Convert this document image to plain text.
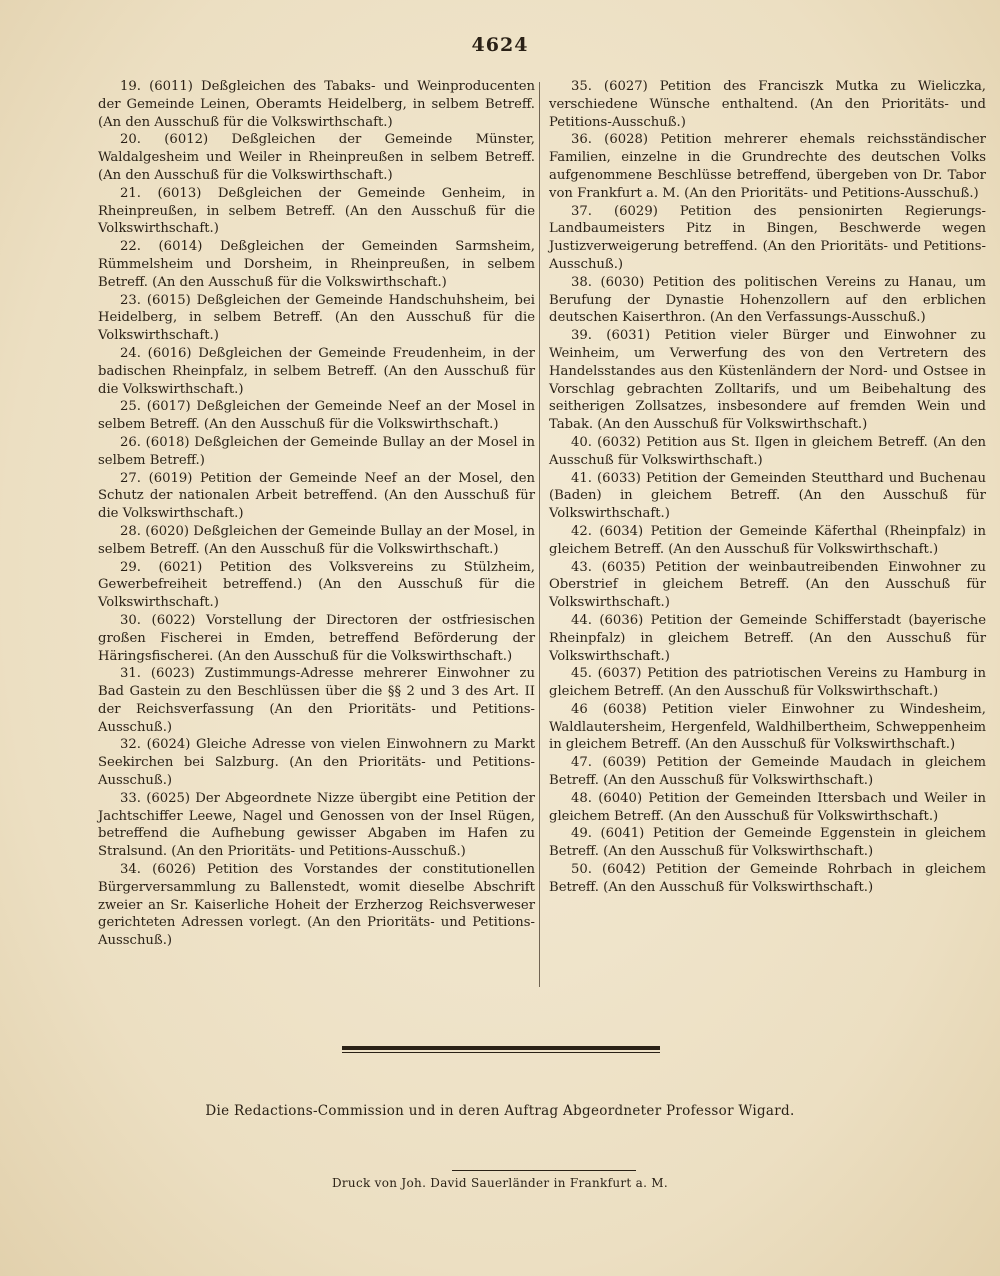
4624

19. (6011) Deßgleichen des Tabaks- und Weinproducenten der Gemeinde Leinen, Oberamts Heidelberg, in selbem Betreff. (An den Ausschuß für die Volkswirthschaft.)

20. (6012) Deßgleichen der Gemeinde Münster, Waldalgesheim und Weiler in Rheinpreußen in selbem Betreff. (An den Ausschuß für die Volkswirthschaft.)

21. (6013) Deßgleichen der Gemeinde Genheim, in Rheinpreußen, in selbem Betreff. (An den Ausschuß für die Volkswirthschaft.)

22. (6014) Deßgleichen der Gemeinden Sarmsheim, Rümmelsheim und Dorsheim, in Rheinpreußen, in selbem Betreff. (An den Ausschuß für die Volkswirthschaft.)

23. (6015) Deßgleichen der Gemeinde Handschuhsheim, bei Heidelberg, in selbem Betreff. (An den Ausschuß für die Volkswirthschaft.)

24. (6016) Deßgleichen der Gemeinde Freudenheim, in der badischen Rheinpfalz, in selbem Betreff. (An den Ausschuß für die Volkswirthschaft.)

25. (6017) Deßgleichen der Gemeinde Neef an der Mosel in selbem Betreff. (An den Ausschuß für die Volkswirthschaft.)

26. (6018) Deßgleichen der Gemeinde Bullay an der Mosel in selbem Betreff.)

27. (6019) Petition der Gemeinde Neef an der Mosel, den Schutz der nationalen Arbeit betreffend. (An den Ausschuß für die Volkswirthschaft.)

28. (6020) Deßgleichen der Gemeinde Bullay an der Mosel, in selbem Betreff. (An den Ausschuß für die Volkswirthschaft.)

29. (6021) Petition des Volksvereins zu Stülzheim, Gewerbefreiheit betreffend.) (An den Ausschuß für die Volkswirthschaft.)

30. (6022) Vorstellung der Directoren der ostfriesischen großen Fischerei in Emden, betreffend Beförderung der Häringsfischerei. (An den Ausschuß für die Volkswirthschaft.)

31. (6023) Zustimmungs-Adresse mehrerer Einwohner zu Bad Gastein zu den Beschlüssen über die §§ 2 und 3 des Art. II der Reichsverfassung (An den Prioritäts- und Petitions-Ausschuß.)

32. (6024) Gleiche Adresse von vielen Einwohnern zu Markt Seekirchen bei Salzburg. (An den Prioritäts- und Petitions-Ausschuß.)

33. (6025) Der Abgeordnete Nizze übergibt eine Petition der Jachtschiffer Leewe, Nagel und Genossen von der Insel Rügen, betreffend die Aufhebung gewisser Abgaben im Hafen zu Stralsund. (An den Prioritäts- und Petitions-Ausschuß.)

34. (6026) Petition des Vorstandes der constitutionellen Bürgerversammlung zu Ballenstedt, womit dieselbe Abschrift zweier an Sr. Kaiserliche Hoheit der Erzherzog Reichsverweser gerichteten Adressen vorlegt. (An den Prioritäts- und Petitions-Ausschuß.)

35. (6027) Petition des Franciszk Mutka zu Wieliczka, verschiedene Wünsche enthaltend. (An den Prioritäts- und Petitions-Ausschuß.)

36. (6028) Petition mehrerer ehemals reichsständischer Familien, einzelne in die Grundrechte des deutschen Volks aufgenommene Beschlüsse betreffend, übergeben von Dr. Tabor von Frankfurt a. M. (An den Prioritäts- und Petitions-Ausschuß.)

37. (6029) Petition des pensionirten Regierungs-Landbaumeisters Pitz in Bingen, Beschwerde wegen Justizverweigerung betreffend. (An den Prioritäts- und Petitions-Ausschuß.)

38. (6030) Petition des politischen Vereins zu Hanau, um Berufung der Dynastie Hohenzollern auf den erblichen deutschen Kaiserthron. (An den Verfassungs-Ausschuß.)

39. (6031) Petition vieler Bürger und Einwohner zu Weinheim, um Verwerfung des von den Vertretern des Handelsstandes aus den Küstenländern der Nord- und Ostsee in Vorschlag gebrachten Zolltarifs, und um Beibehaltung des seitherigen Zollsatzes, insbesondere auf fremden Wein und Tabak. (An den Ausschuß für Volkswirthschaft.)

40. (6032) Petition aus St. Ilgen in gleichem Betreff. (An den Ausschuß für Volkswirthschaft.)

41. (6033) Petition der Gemeinden Steutthard und Buchenau (Baden) in gleichem Betreff. (An den Ausschuß für Volkswirthschaft.)

42. (6034) Petition der Gemeinde Käferthal (Rheinpfalz) in gleichem Betreff. (An den Ausschuß für Volkswirthschaft.)

43. (6035) Petition der weinbautreibenden Einwohner zu Oberstrief in gleichem Betreff. (An den Ausschuß für Volkswirthschaft.)

44. (6036) Petition der Gemeinde Schifferstadt (bayerische Rheinpfalz) in gleichem Betreff. (An den Ausschuß für Volkswirthschaft.)

45. (6037) Petition des patriotischen Vereins zu Hamburg in gleichem Betreff. (An den Ausschuß für Volkswirthschaft.)

46 (6038) Petition vieler Einwohner zu Windesheim, Waldlautersheim, Hergenfeld, Waldhilbertheim, Schweppenheim in gleichem Betreff. (An den Ausschuß für Volkswirthschaft.)

47. (6039) Petition der Gemeinde Maudach in gleichem Betreff. (An den Ausschuß für Volkswirthschaft.)

48. (6040) Petition der Gemeinden Ittersbach und Weiler in gleichem Betreff. (An den Ausschuß für Volkswirthschaft.)

49. (6041) Petition der Gemeinde Eggenstein in gleichem Betreff. (An den Ausschuß für Volkswirthschaft.)

50. (6042) Petition der Gemeinde Rohrbach in gleichem Betreff. (An den Ausschuß für Volkswirthschaft.)

Die Redactions-Commission und in deren Auftrag Abgeordneter Professor Wigard.
Druck von Joh. David Sauerländer in Frankfurt a. M.
